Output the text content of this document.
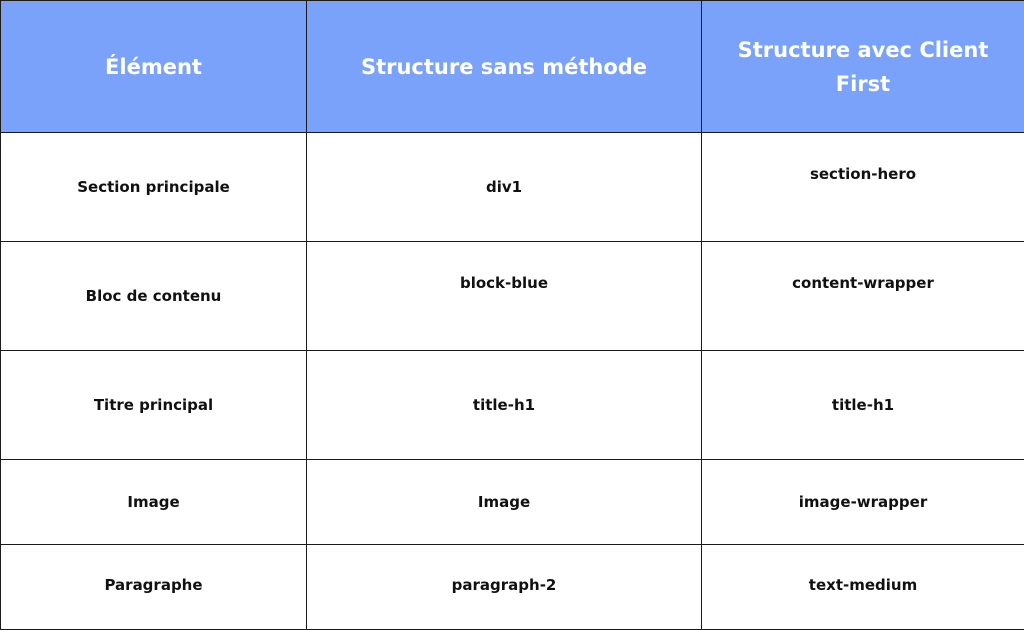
Élément	Structure sans méthode	Structure avec Client First
Section principale	div1	section-hero
Bloc de contenu	block-blue	content-wrapper
Titre principal	title-h1	title-h1
Image	Image	image-wrapper
Paragraphe	paragraph-2	text-medium
